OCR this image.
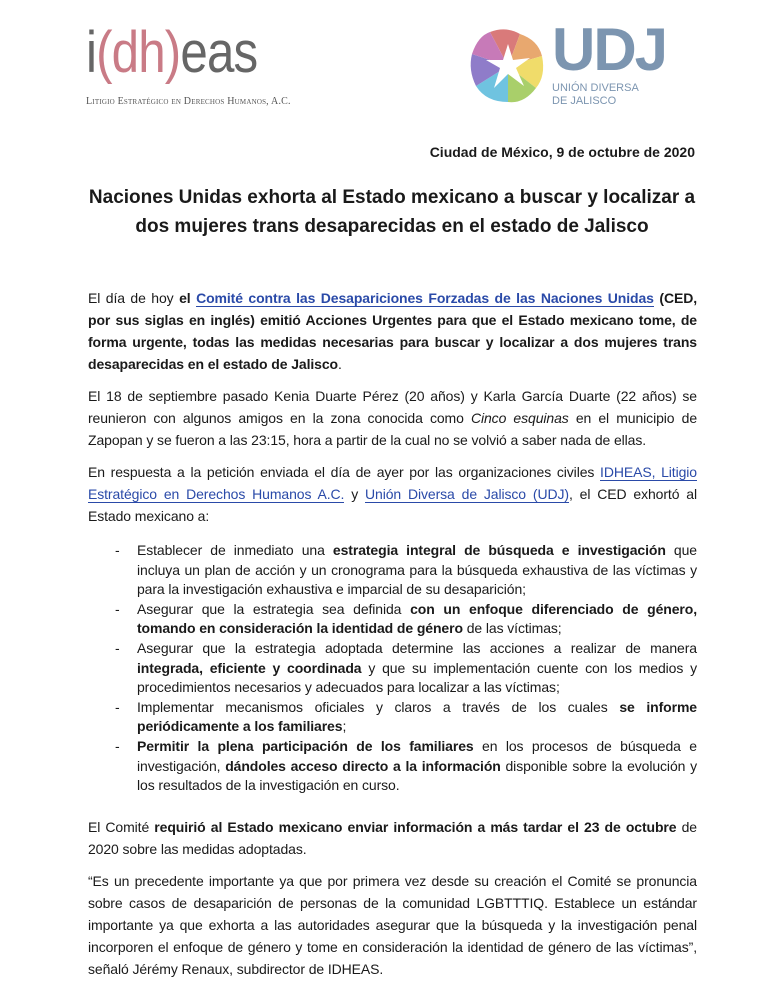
i(dh)eas
Litigio Estratégico en Derechos Humanos, A.C.
UDJ
UNIÓN DIVERSA
DE JALISCO
Ciudad de México, 9 de octubre de 2020
Naciones Unidas exhorta al Estado mexicano a buscar y localizar a dos mujeres trans desaparecidas en el estado de Jalisco

El día de hoy el Comité contra las Desapariciones Forzadas de las Naciones Unidas (CED, por sus siglas en inglés) emitió Acciones Urgentes para que el Estado mexicano tome, de forma urgente, todas las medidas necesarias para buscar y localizar a dos mujeres trans desaparecidas en el estado de Jalisco.

El 18 de septiembre pasado Kenia Duarte Pérez (20 años) y Karla García Duarte (22 años) se reunieron con algunos amigos en la zona conocida como Cinco esquinas en el municipio de Zapopan y se fueron a las 23:15, hora a partir de la cual no se volvió a saber nada de ellas.

En respuesta a la petición enviada el día de ayer por las organizaciones civiles IDHEAS, Litigio Estratégico en Derechos Humanos A.C. y Unión Diversa de Jalisco (UDJ), el CED exhortó al Estado mexicano a:

- Establecer de inmediato una estrategia integral de búsqueda e investigación que incluya un plan de acción y un cronograma para la búsqueda exhaustiva de las víctimas y para la investigación exhaustiva e imparcial de su desaparición;
- Asegurar que la estrategia sea definida con un enfoque diferenciado de género, tomando en consideración la identidad de género de las víctimas;
- Asegurar que la estrategia adoptada determine las acciones a realizar de manera integrada, eficiente y coordinada y que su implementación cuente con los medios y procedimientos necesarios y adecuados para localizar a las víctimas;
- Implementar mecanismos oficiales y claros a través de los cuales se informe periódicamente a los familiares;
- Permitir la plena participación de los familiares en los procesos de búsqueda e investigación, dándoles acceso directo a la información disponible sobre la evolución y los resultados de la investigación en curso.

El Comité requirió al Estado mexicano enviar información a más tardar el 23 de octubre de 2020 sobre las medidas adoptadas.

“Es un precedente importante ya que por primera vez desde su creación el Comité se pronuncia sobre casos de desaparición de personas de la comunidad LGBTTTIQ. Establece un estándar importante ya que exhorta a las autoridades asegurar que la búsqueda y la investigación penal incorporen el enfoque de género y tome en consideración la identidad de género de las víctimas”, señaló Jérémy Renaux, subdirector de IDHEAS.
